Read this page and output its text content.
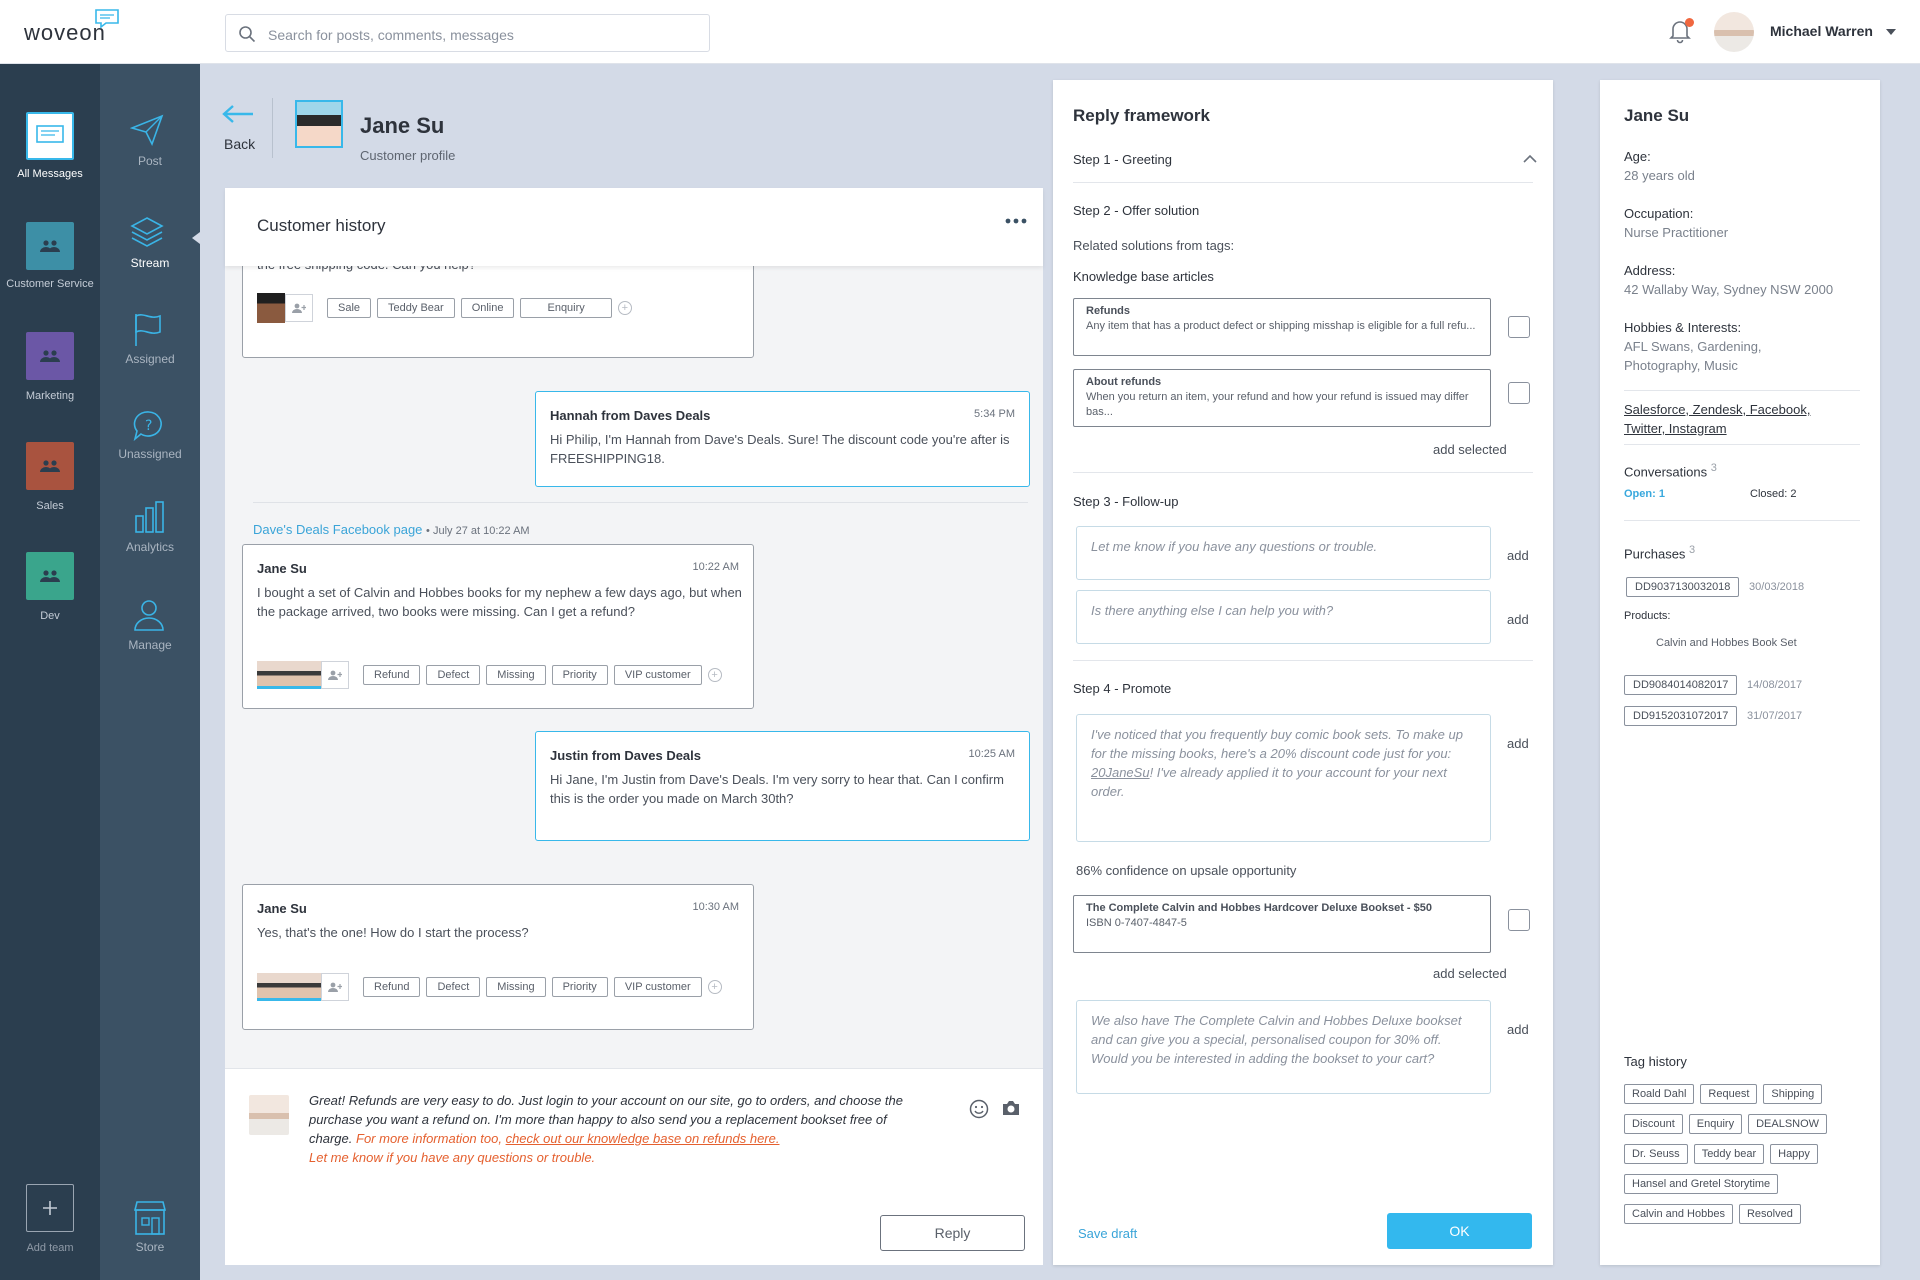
woveon	Search for posts, comments, messages	Michael Warren
All Messages
Customer Service
Marketing
Sales
Dev
Add team
Post
Stream
Assigned
?
Unassigned
Analytics
Manage
Store
Back
Jane Su
Customer profile
Sale	Teddy Bear	Online	Enquiry	+
Hannah from Daves Deals	5:34 PM
Hi Philip, I'm Hannah from Dave's Deals. Sure! The discount code you're after is FREESHIPPING18.
Jane Su	10:22 AM
I bought a set of Calvin and Hobbes books for my nephew a few days ago, but when the package arrived, two books were missing. Can I get a refund?
Refund	Defect	Missing	Priority	VIP customer	+
Justin from Daves Deals	10:25 AM
Hi Jane, I'm Justin from Dave's Deals. I'm very sorry to hear that. Can I confirm this is the order you made on March 30th?
Jane Su	10:30 AM
Yes, that's the one! How do I start the process?
Refund	Defect	Missing	Priority	VIP customer	+
Dave's Deals Facebook page • July 27 at 10:22 AM
Customer history
Great! Refunds are very easy to do. Just login to your account on our site, go to orders, and choose the purchase you want a refund on. I'm more than happy to also send you a replacement bookset free of charge. For more information too, check out our knowledge base on refunds here.
Let me know if you have any questions or trouble.
Reply
Reply framework
Step 1 - Greeting
Step 2 - Offer solution
Related solutions from tags:
Knowledge base articles
Refunds
Any item that has a product defect or shipping misshap is eligible for a full refu...
About refunds
When you return an item, your refund and how your refund is issued may differ bas...
add selected
Step 3 - Follow-up
Let me know if you have any questions or trouble.
add
Is there anything else I can help you with?
add
Step 4 - Promote
I've noticed that you frequently buy comic book sets. To make up for the missing books, here's a 20% discount code just for you: 20JaneSu! I've already applied it to your account for your next order.
add
86% confidence on upsale opportunity
The Complete Calvin and Hobbes Hardcover Deluxe Bookset - $50
ISBN 0-7407-4847-5
add selected
We also have The Complete Calvin and Hobbes Deluxe bookset and can give you a special, personalised coupon for 30% off. Would you be interested in adding the bookset to your cart?
add
Save draft	OK
Jane Su
Age:
28 years old
Occupation:
Nurse Practitioner
Address:
42 Wallaby Way, Sydney NSW 2000
Hobbies & Interests:
AFL Swans, Gardening, Photography, Music
Salesforce, Zendesk, Facebook, Twitter, Instagram
Conversations $^3$
Open: 1	Closed: 2
Purchases $^3$
DD9037130032018 30/03/2018
Products:
Calvin and Hobbes Book Set
DD9084014082017 14/08/2017
DD9152031072017 31/07/2017
Tag history
Roald Dahl Request ShippingDiscount Enquiry DEALSNOWDr. Seuss Teddy bear HappyHansel and Gretel StorytimeCalvin and Hobbes Resolved
